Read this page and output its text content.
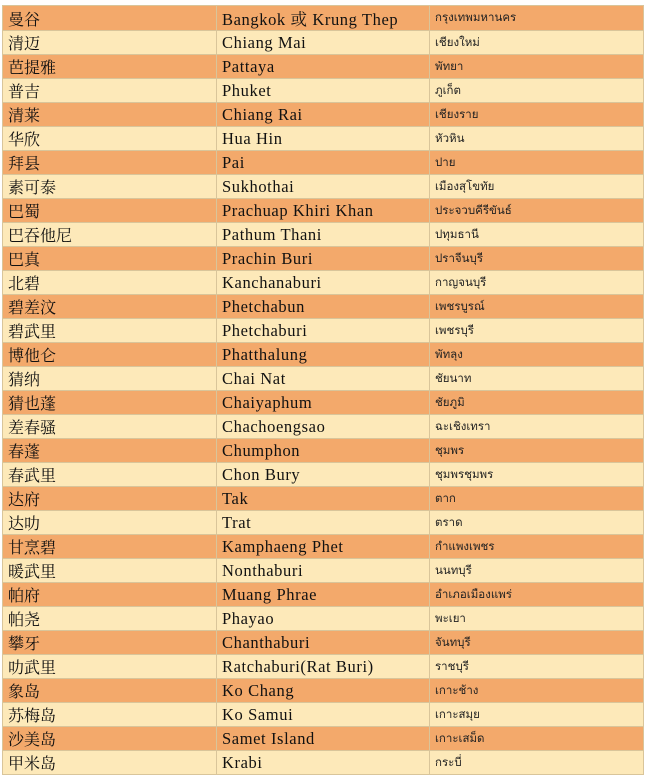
曼谷	Bangkok 或 Krung Thep	กรุงเทพมหานคร
清迈	Chiang Mai	เชียงใหม่
芭提雅	Pattaya	พัทยา
普吉	Phuket	ภูเก็ต
清莱	Chiang Rai	เชียงราย
华欣	Hua Hin	หัวหิน
拜县	Pai	ปาย
素可泰	Sukhothai	เมืองสุโขทัย
巴蜀	Prachuap Khiri Khan	ประจวบคีรีขันธ์
巴吞他尼	Pathum Thani	ปทุมธานี
巴真	Prachin Buri	ปราจีนบุรี
北碧	Kanchanaburi	กาญจนบุรี
碧差汶	Phetchabun	เพชรบูรณ์
碧武里	Phetchaburi	เพชรบุรี
博他仑	Phatthalung	พัทลุง
猜纳	Chai Nat	ชัยนาท
猜也蓬	Chaiyaphum	ชัยภูมิ
差春骚	Chachoengsao	ฉะเชิงเทรา
春蓬	Chumphon	ชุมพร
春武里	Chon Bury	ชุมพรชุมพร
达府	Tak	ตาก
达叻	Trat	ตราด
甘烹碧	Kamphaeng Phet	กำแพงเพชร
暖武里	Nonthaburi	นนทบุรี
帕府	Muang Phrae	อำเภอเมืองแพร่
帕尧	Phayao	พะเยา
攀牙	Chanthaburi	จันทบุรี
叻武里	Ratchaburi(Rat Buri)	ราชบุรี
象岛	Ko Chang	เกาะช้าง
苏梅岛	Ko Samui	เกาะสมุย
沙美岛	Samet Island	เกาะเสม็ด
甲米岛	Krabi	กระบี่
